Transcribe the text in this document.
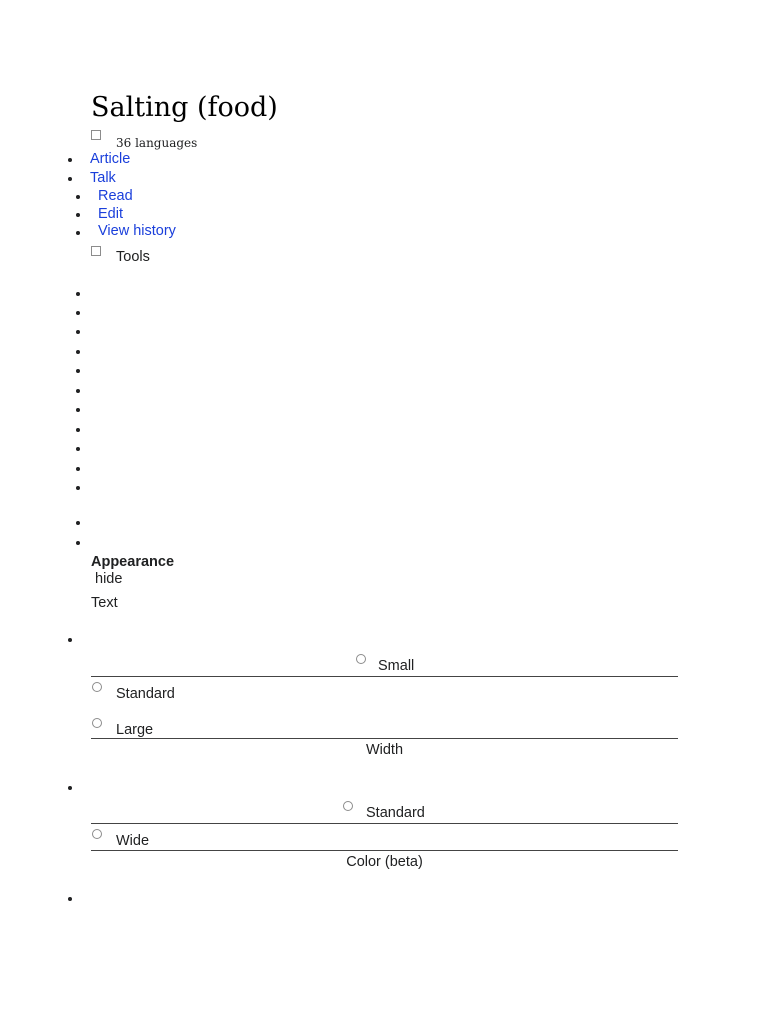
Salting (food)
36 languages
Article
Talk
Read
Edit
View history
Tools
Appearance
hide
Text
Small
Standard
Large
Width
Standard
Wide
Color (beta)
